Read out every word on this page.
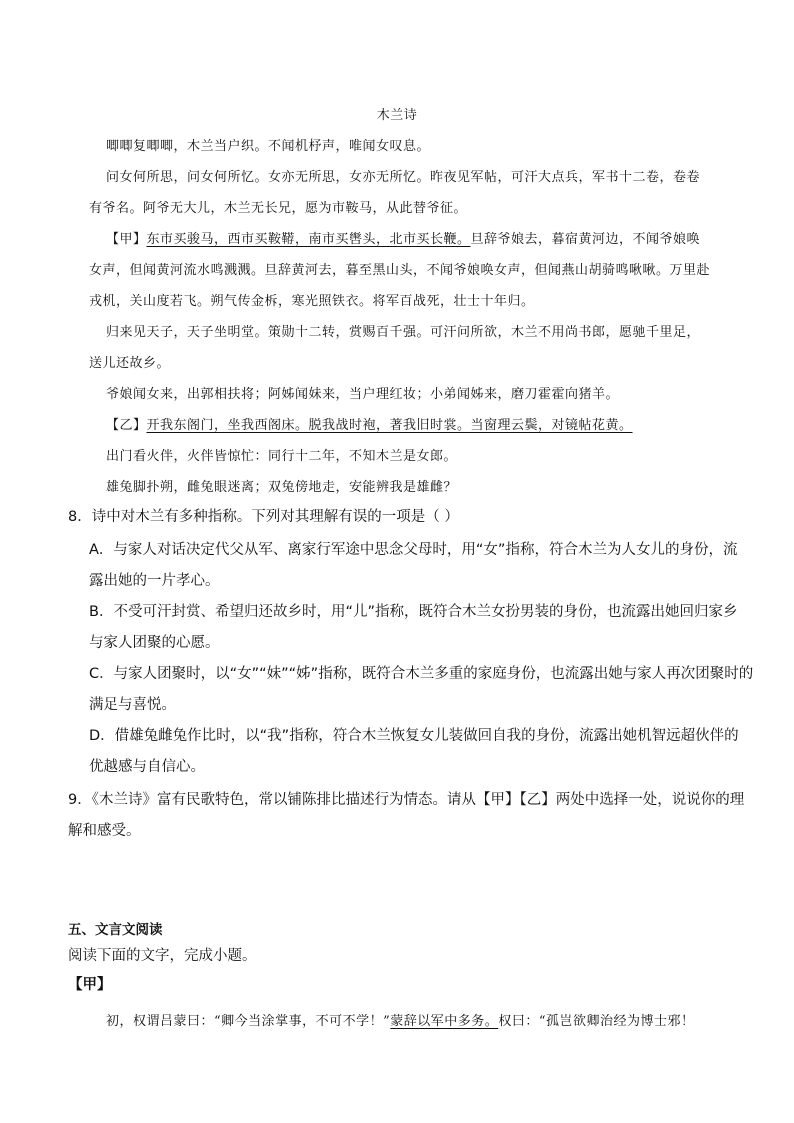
木兰诗
唧唧复唧唧，木兰当户织。不闻机杼声，唯闻女叹息。
问女何所思，问女何所忆。女亦无所思，女亦无所忆。昨夜见军帖，可汗大点兵，军书十二卷，卷卷
有爷名。阿爷无大儿，木兰无长兄，愿为市鞍马，从此替爷征。
【甲】东市买骏马，西市买鞍鞯，南市买辔头，北市买长鞭。旦辞爷娘去，暮宿黄河边，不闻爷娘唤
女声，但闻黄河流水鸣溅溅。旦辞黄河去，暮至黑山头，不闻爷娘唤女声，但闻燕山胡骑鸣啾啾。万里赴
戎机，关山度若飞。朔气传金柝，寒光照铁衣。将军百战死，壮士十年归。
归来见天子，天子坐明堂。策勋十二转，赏赐百千强。可汗问所欲，木兰不用尚书郎，愿驰千里足，
送儿还故乡。
爷娘闻女来，出郭相扶将；阿姊闻妹来，当户理红妆；小弟闻姊来，磨刀霍霍向猪羊。
【乙】开我东阁门，坐我西阁床。脱我战时袍，著我旧时裳。当窗理云鬓，对镜帖花黄。
出门看火伴，火伴皆惊忙：同行十二年，不知木兰是女郎。
雄兔脚扑朔，雌兔眼迷离；双兔傍地走，安能辨我是雄雌？
8．诗中对木兰有多种指称。下列对其理解有误的一项是（ ）
A．与家人对话决定代父从军、离家行军途中思念父母时，用“女”指称，符合木兰为人女儿的身份，流
露出她的一片孝心。
B．不受可汗封赏、希望归还故乡时，用“儿”指称，既符合木兰女扮男装的身份，也流露出她回归家乡
与家人团聚的心愿。
C．与家人团聚时，以“女”“妹”“姊”指称，既符合木兰多重的家庭身份，也流露出她与家人再次团聚时的
满足与喜悦。
D．借雄兔雌兔作比时，以“我”指称，符合木兰恢复女儿装做回自我的身份，流露出她机智远超伙伴的
优越感与自信心。
9．《木兰诗》富有民歌特色，常以铺陈排比描述行为情态。请从【甲】【乙】两处中选择一处，说说你的理
解和感受。
五、文言文阅读
阅读下面的文字，完成小题。
【甲】
初，权谓吕蒙曰：“卿今当涂掌事，不可不学！”蒙辞以军中多务。权曰：“孤岂欲卿治经为博士邪！
